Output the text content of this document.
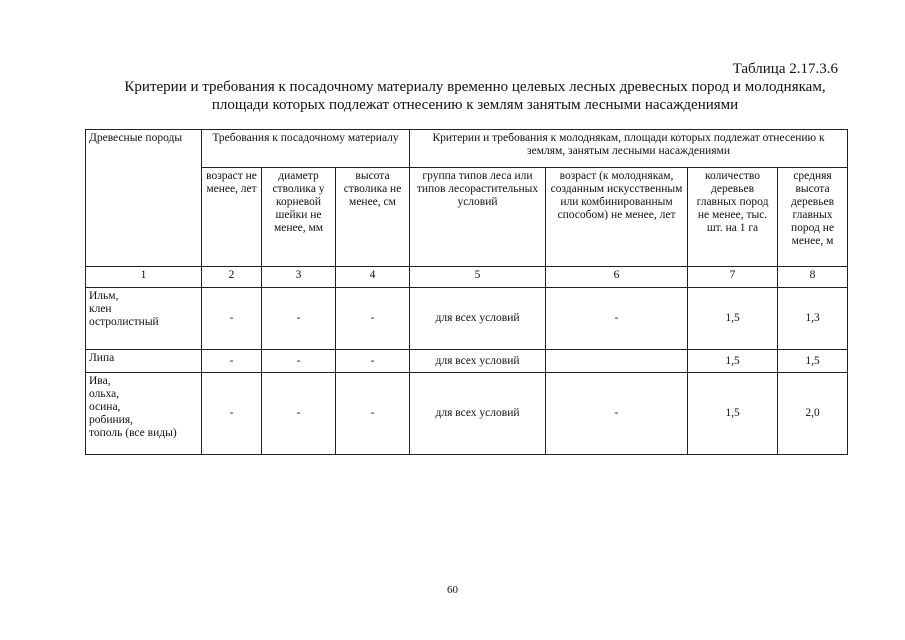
Таблица 2.17.3.6
Критерии и требования к посадочному материалу временно целевых лесных древесных пород и молоднякам,
площади которых подлежат отнесению к землям занятым лесными насаждениями
Древесные породы	Требования к посадочному материалу			Критерии и требования к молоднякам, площади которых подлежат отнесению к землям, занятым лесными насаждениями			
	возраст не менее, лет	диаметр стволика у корневой шейки не менее, мм	высота стволика не менее, см	группа типов леса или типов лесорастительных условий	возраст (к молоднякам, созданным искусственным или комбинированным способом) не менее, лет	количество деревьев главных пород не менее, тыс. шт. на 1 га	средняя высота деревьев главных пород не менее, м
1	2	3	4	5	6	7	8

Ильм,
клен
остролистный	-	-	-	для всех условий	-	1,5	1,3

Липа	-	-	-	для всех условий		1,5	1,5

Ива,
ольха,
осина,
робиния,
тополь (все виды)	-	-	-	для всех условий	-	1,5	2,0
60
